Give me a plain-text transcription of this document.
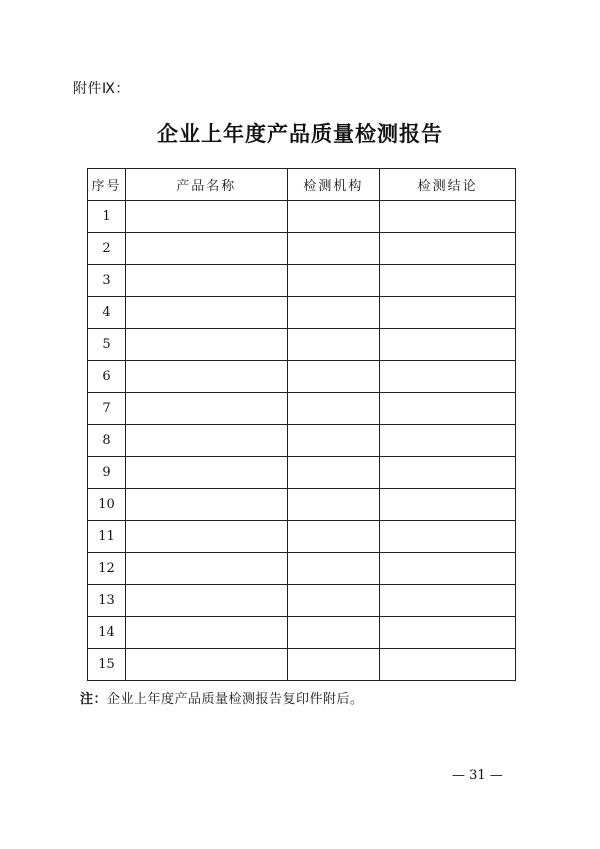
附件Ⅸ：
企业上年度产品质量检测报告
序号	产品名称	检测机构	检测结论
1			
2			
3			
4			
5			
6			
7			
8			
9			
10			
11			
12			
13			
14			
15			
注：企业上年度产品质量检测报告复印件附后。
— 31 —
